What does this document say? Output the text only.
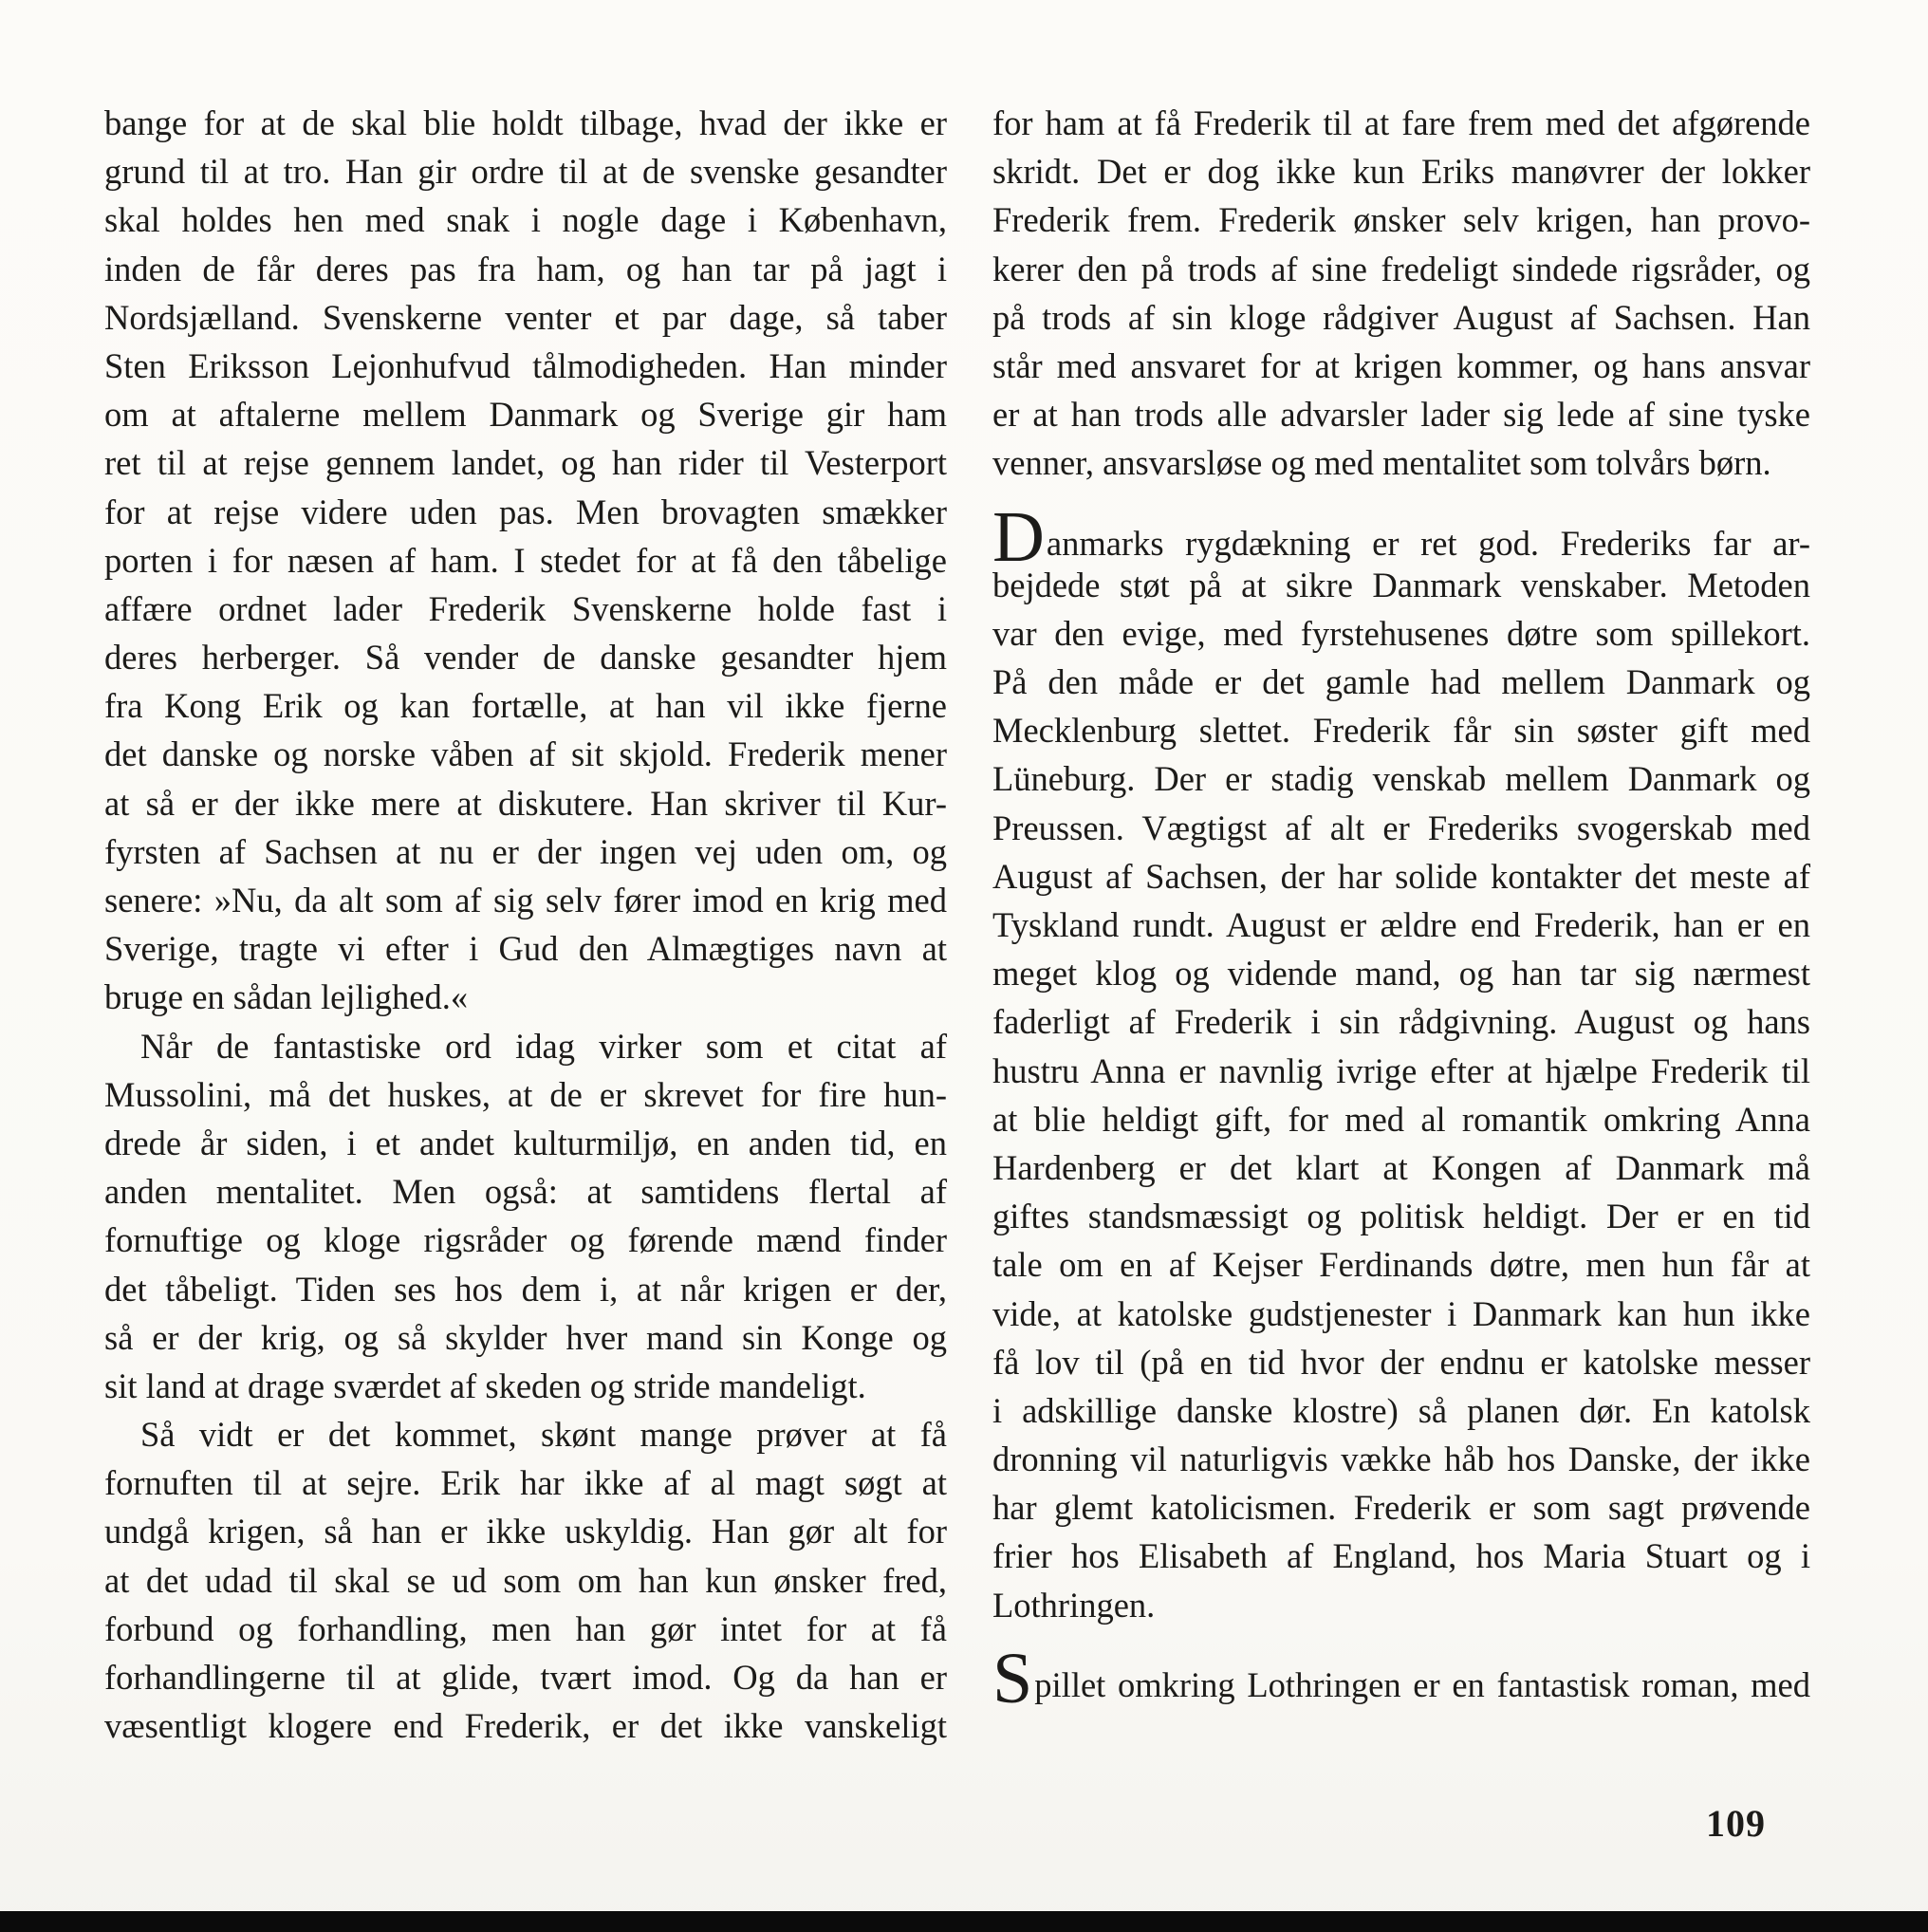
bange for at de skal blie holdt tilbage, hvad der ikke er
grund til at tro. Han gir ordre til at de svenske gesandter
skal holdes hen med snak i nogle dage i København,
inden de får deres pas fra ham, og han tar på jagt i
Nordsjælland. Svenskerne venter et par dage, så taber
Sten Eriksson Lejonhufvud tålmodigheden. Han minder
om at aftalerne mellem Danmark og Sverige gir ham
ret til at rejse gennem landet, og han rider til Vesterport
for at rejse videre uden pas. Men brovagten smækker
porten i for næsen af ham. I stedet for at få den tåbelige
affære ordnet lader Frederik Svenskerne holde fast i
deres herberger. Så vender de danske gesandter hjem
fra Kong Erik og kan fortælle, at han vil ikke fjerne
det danske og norske våben af sit skjold. Frederik mener
at så er der ikke mere at diskutere. Han skriver til Kur-
fyrsten af Sachsen at nu er der ingen vej uden om, og
senere: »Nu, da alt som af sig selv fører imod en krig med
Sverige, tragte vi efter i Gud den Almægtiges navn at
bruge en sådan lejlighed.«
Når de fantastiske ord idag virker som et citat af
Mussolini, må det huskes, at de er skrevet for fire hun-
drede år siden, i et andet kulturmiljø, en anden tid, en
anden mentalitet. Men også: at samtidens flertal af
fornuftige og kloge rigsråder og førende mænd finder
det tåbeligt. Tiden ses hos dem i, at når krigen er der,
så er der krig, og så skylder hver mand sin Konge og
sit land at drage sværdet af skeden og stride mandeligt.
Så vidt er det kommet, skønt mange prøver at få
fornuften til at sejre. Erik har ikke af al magt søgt at
undgå krigen, så han er ikke uskyldig. Han gør alt for
at det udad til skal se ud som om han kun ønsker fred,
forbund og forhandling, men han gør intet for at få
forhandlingerne til at glide, tvært imod. Og da han er
væsentligt klogere end Frederik, er det ikke vanskeligt
for ham at få Frederik til at fare frem med det afgørende
skridt. Det er dog ikke kun Eriks manøvrer der lokker
Frederik frem. Frederik ønsker selv krigen, han provo-
kerer den på trods af sine fredeligt sindede rigsråder, og
på trods af sin kloge rådgiver August af Sachsen. Han
står med ansvaret for at krigen kommer, og hans ansvar
er at han trods alle advarsler lader sig lede af sine tyske
venner, ansvarsløse og med mentalitet som tolvårs børn.
Danmarks rygdækning er ret god. Frederiks far ar-
bejdede støt på at sikre Danmark venskaber. Metoden
var den evige, med fyrstehusenes døtre som spillekort.
På den måde er det gamle had mellem Danmark og
Mecklenburg slettet. Frederik får sin søster gift med
Lüneburg. Der er stadig venskab mellem Danmark og
Preussen. Vægtigst af alt er Frederiks svogerskab med
August af Sachsen, der har solide kontakter det meste af
Tyskland rundt. August er ældre end Frederik, han er en
meget klog og vidende mand, og han tar sig nærmest
faderligt af Frederik i sin rådgivning. August og hans
hustru Anna er navnlig ivrige efter at hjælpe Frederik til
at blie heldigt gift, for med al romantik omkring Anna
Hardenberg er det klart at Kongen af Danmark må
giftes standsmæssigt og politisk heldigt. Der er en tid
tale om en af Kejser Ferdinands døtre, men hun får at
vide, at katolske gudstjenester i Danmark kan hun ikke
få lov til (på en tid hvor der endnu er katolske messer
i adskillige danske klostre) så planen dør. En katolsk
dronning vil naturligvis vække håb hos Danske, der ikke
har glemt katolicismen. Frederik er som sagt prøvende
frier hos Elisabeth af England, hos Maria Stuart og i
Lothringen.
Spillet omkring Lothringen er en fantastisk roman, med
109
